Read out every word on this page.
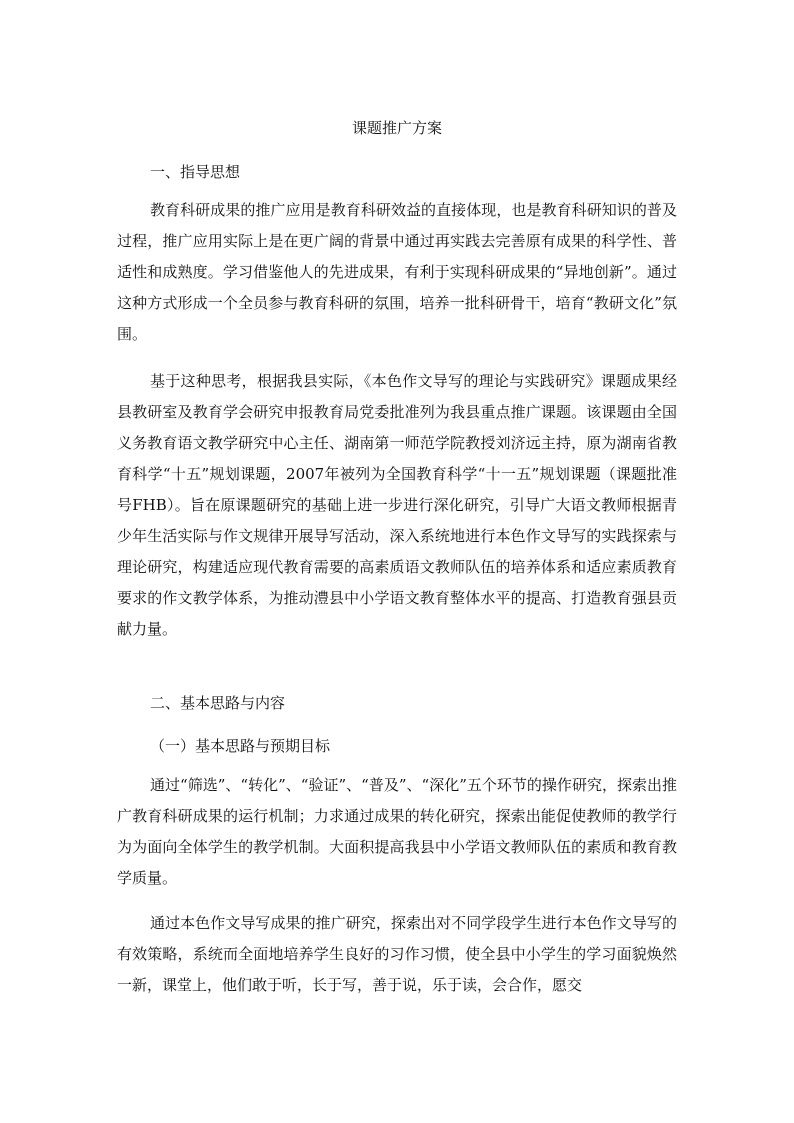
课题推广方案
一、指导思想

教育科研成果的推广应用是教育科研效益的直接体现，也是教育科研知识的普及过程，推广应用实际上是在更广阔的背景中通过再实践去完善原有成果的科学性、普适性和成熟度。学习借鉴他人的先进成果，有利于实现科研成果的“异地创新”。通过这种方式形成一个全员参与教育科研的氛围，培养一批科研骨干，培育“教研文化”氛围。

基于这种思考，根据我县实际，《本色作文导写的理论与实践研究》课题成果经县教研室及教育学会研究申报教育局党委批准列为我县重点推广课题。该课题由全国义务教育语文教学研究中心主任、湖南第一师范学院教授刘济远主持，原为湖南省教育科学“十五”规划课题，2007年被列为全国教育科学“十一五”规划课题（课题批准号FHB）。旨在原课题研究的基础上进一步进行深化研究，引导广大语文教师根据青少年生活实际与作文规律开展导写活动，深入系统地进行本色作文导写的实践探索与理论研究，构建适应现代教育需要的高素质语文教师队伍的培养体系和适应素质教育要求的作文教学体系，为推动澧县中小学语文教育整体水平的提高、打造教育强县贡献力量。

二、基本思路与内容
（一）基本思路与预期目标

通过“筛选”、“转化”、“验证”、“普及”、“深化”五个环节的操作研究，探索出推广教育科研成果的运行机制；力求通过成果的转化研究，探索出能促使教师的教学行为为面向全体学生的教学机制。大面积提高我县中小学语文教师队伍的素质和教育教学质量。

通过本色作文导写成果的推广研究，探索出对不同学段学生进行本色作文导写的有效策略，系统而全面地培养学生良好的习作习惯，使全县中小学生的学习面貌焕然一新，课堂上，他们敢于听，长于写，善于说，乐于读，会合作，愿交
